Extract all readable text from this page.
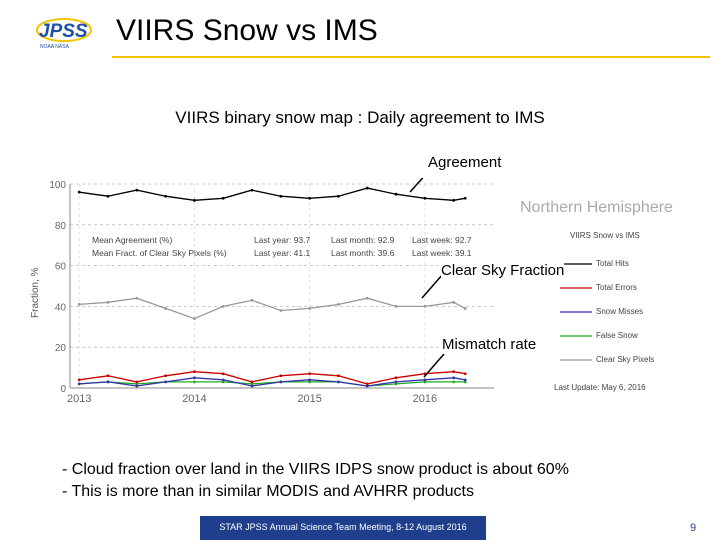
JPSS
NOAA NASA VIIRS Snow vs IMS
VIIRS binary snow map : Daily agreement to IMS
0
20
40
60
80
100
2013	2014	2015	2016
Fraction, %
Northern Hemisphere
Mean Agreement (%)	Last year: 93.7 Last month: 92.9 Last week: 92.7
Mean Fract. of Clear Sky Pixels (%)	Last year: 41.1 Last month: 39.6 Last week: 39.1
VIIRS Snow vs IMS
Total Hits
Total Errors
Snow Misses
False Snow
Clear Sky Pixels
Last Update: May 6, 2016
Agreement
Clear Sky Fraction
Mismatch rate
- Cloud fraction over land in the VIIRS IDPS snow product is about 60%
- This is more than in similar MODIS and AVHRR products
STAR JPSS Annual Science Team Meeting, 8-12 August 2016	9
